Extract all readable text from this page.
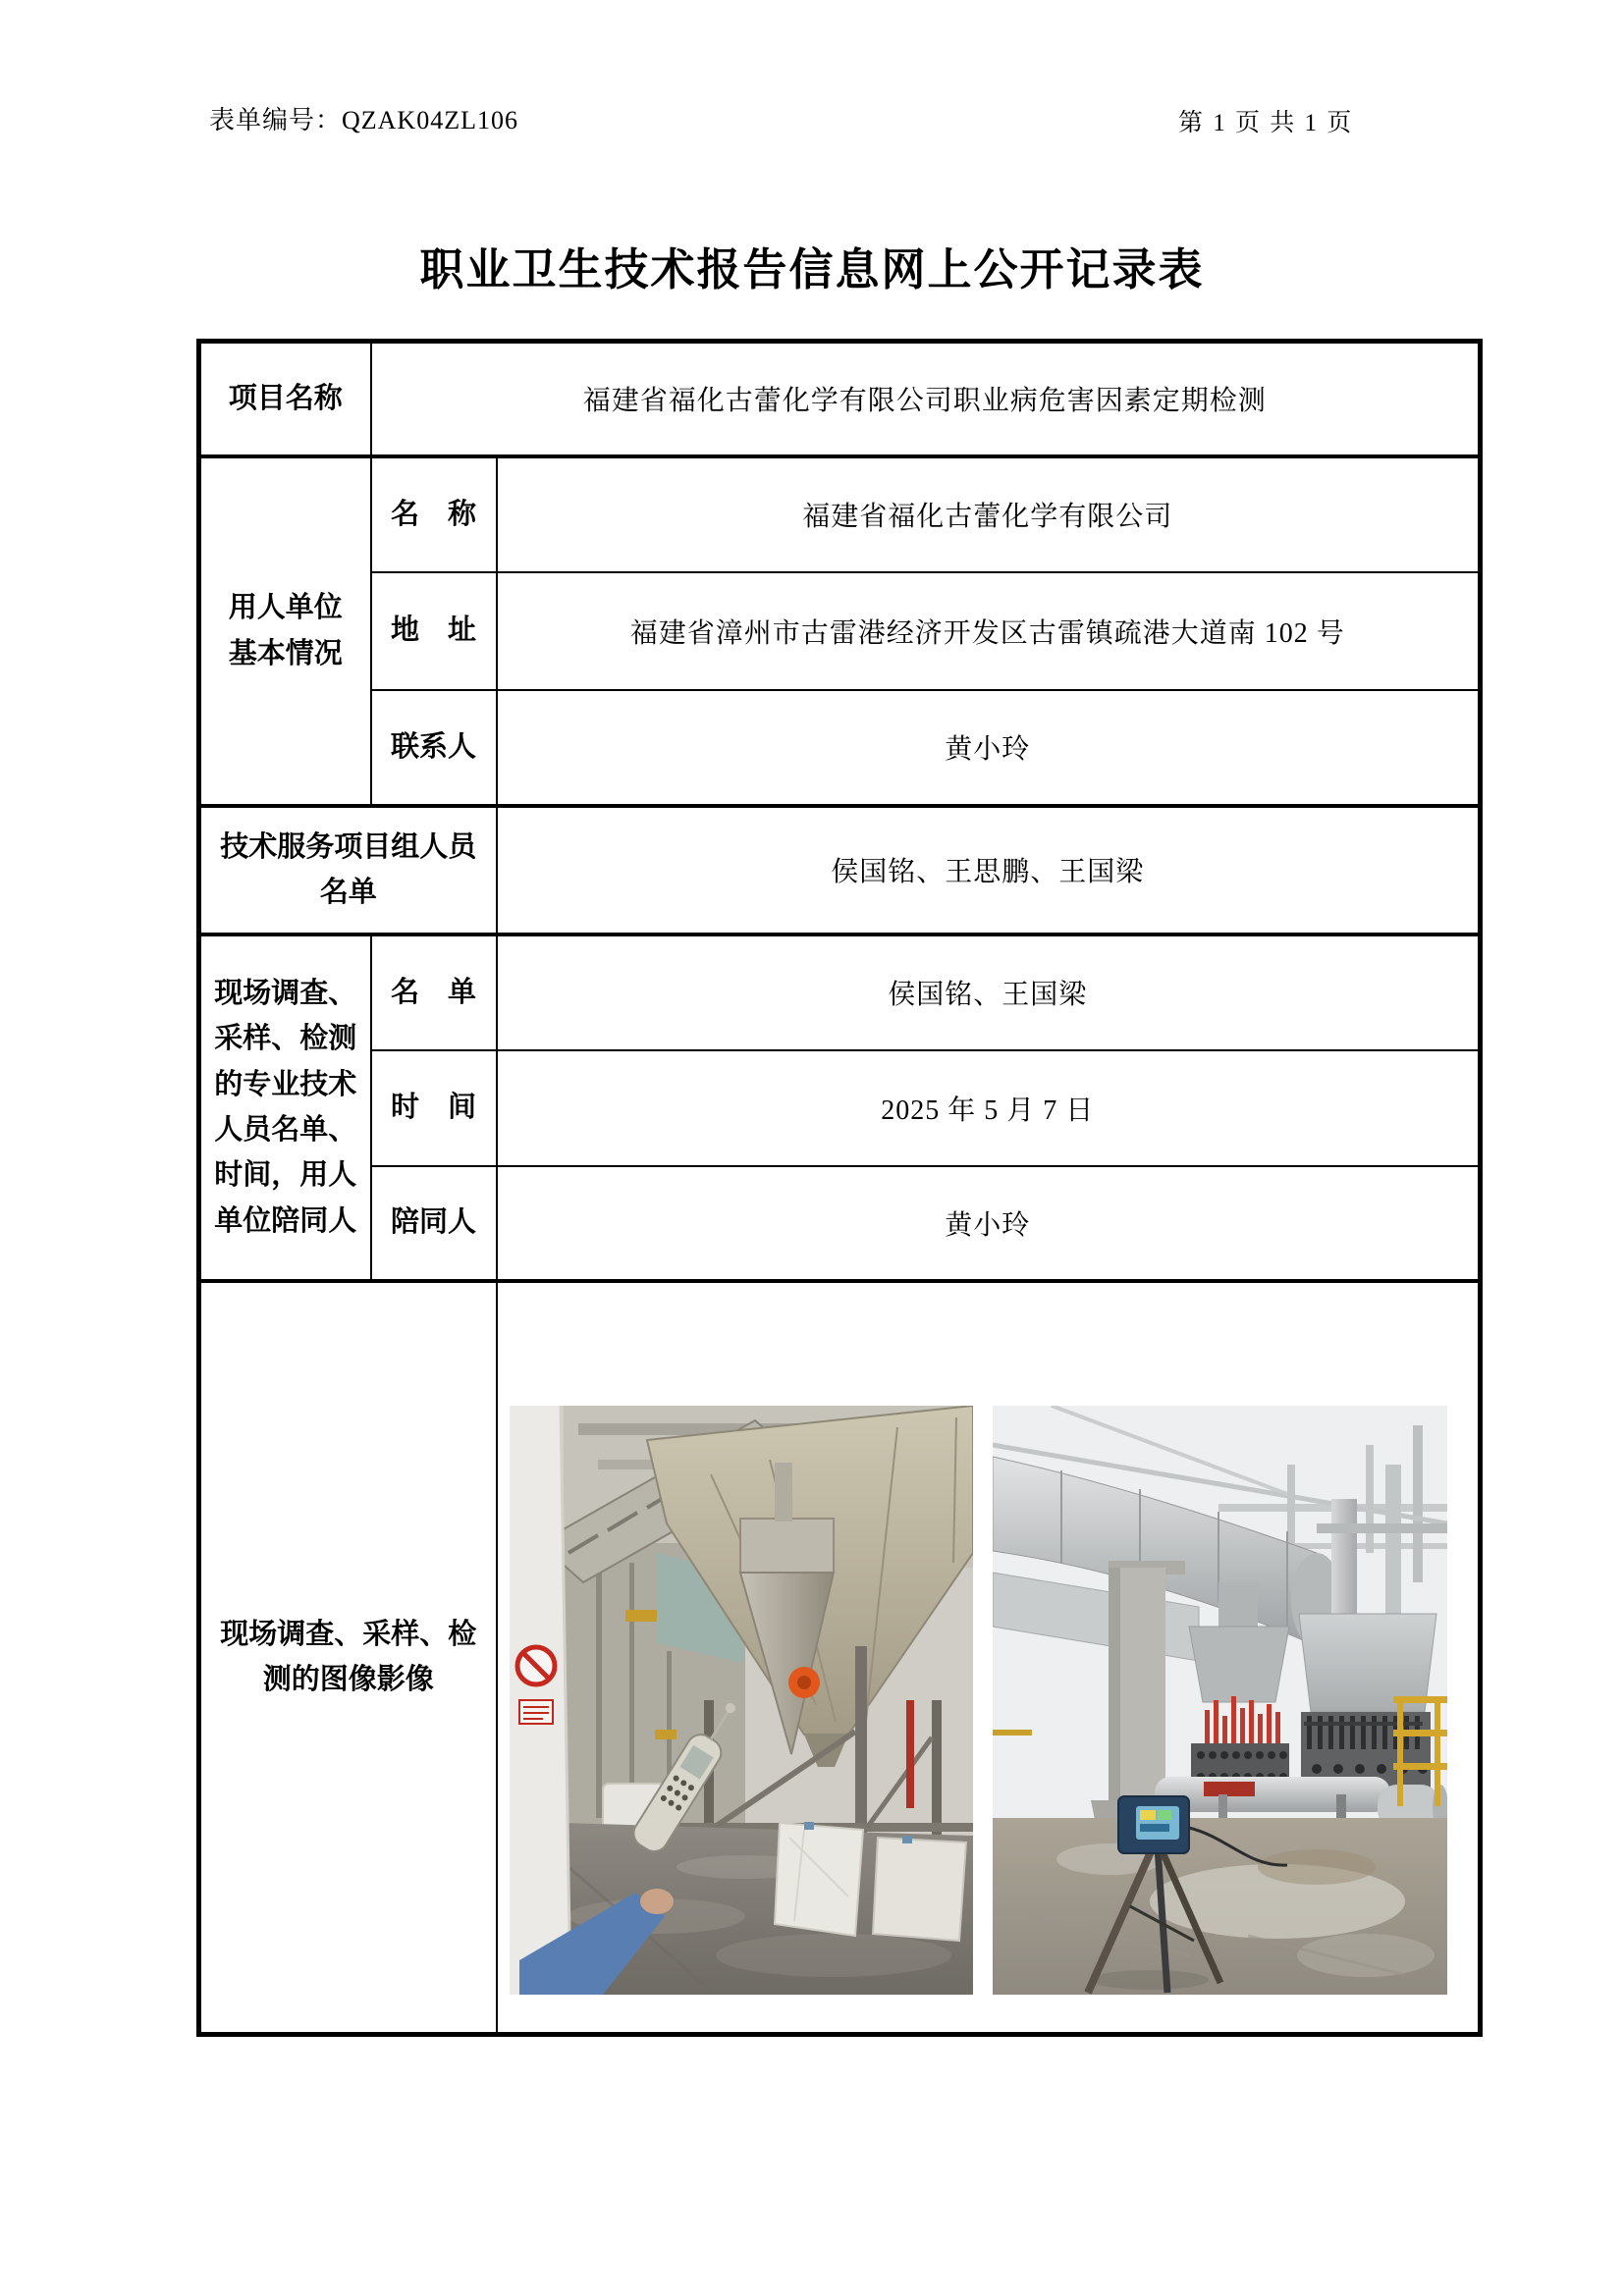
表单编号：QZAK04ZL106	第 1 页 共 1 页
职业卫生技术报告信息网上公开记录表
项目名称	福建省福化古蕾化学有限公司职业病危害因素定期检测	

用人单位基本情况	名　称	福建省福化古蕾化学有限公司
	地　址	福建省漳州市古雷港经济开发区古雷镇疏港大道南 102 号
	联系人	黄小玲

技术服务项目组人员名单		侯国铭、王思鹏、王国梁

现场调查、采样、检测的专业技术人员名单、时间，用人单位陪同人	名　单	侯国铭、王国梁
	时　间	2025 年 5 月 7 日
	陪同人	黄小玲

现场调查、采样、检测的图像影像
